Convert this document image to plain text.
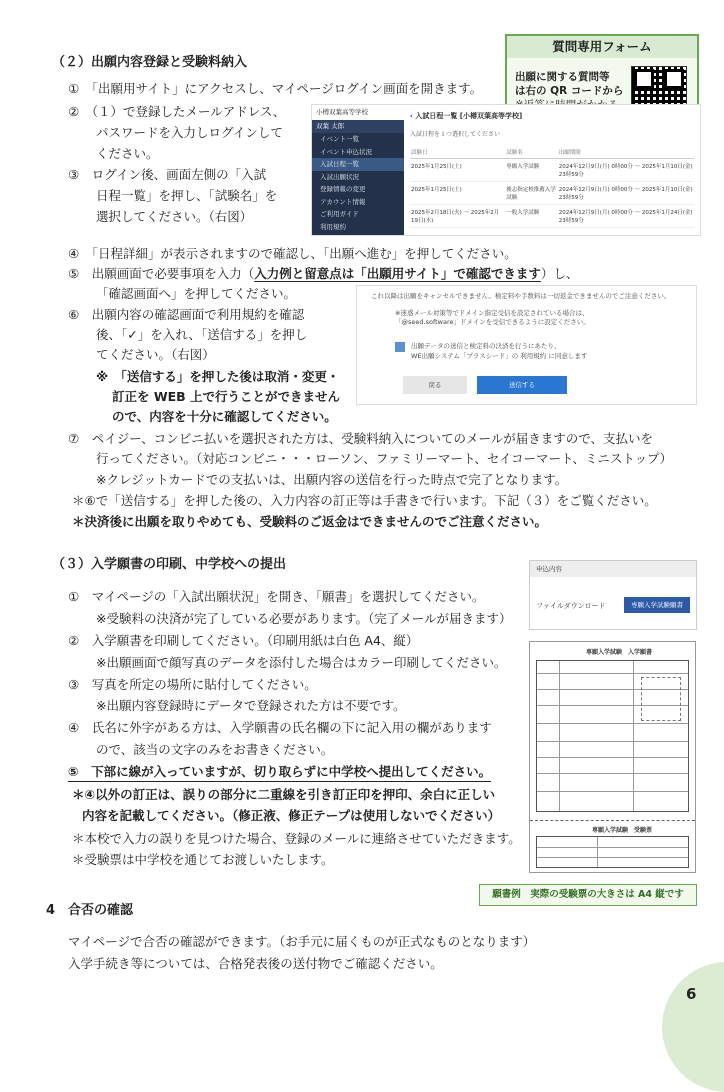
（２）出願内容登録と受験料納入
①　「出願用サイト」にアクセスし、マイページログイン画面を開きます。
②　（１）で登録したメールアドレス、
パスワードを入力しログインして
ください。
③　ログイン後、画面左側の「入試
日程一覧」を押し、「試験名」を
選択してください。（右図）
④　「日程詳細」が表示されますので確認し、「出願へ進む」を押してください。
⑤　出願画面で必要事項を入力（入力例と留意点は「出願用サイト」で確認できます）し、
「確認画面へ」を押してください。
⑥　出願内容の確認画面で利用規約を確認
後、「✓」を入れ、「送信する」を押し
てください。（右図）
※　「送信する」を押した後は取消・変更・
訂正を WEB 上で行うことができません
ので、内容を十分に確認してください。
⑦　ペイジー、コンビニ払いを選択された方は、受験料納入についてのメールが届きますので、支払いを
行ってください。（対応コンビニ・・・ローソン、ファミリーマート、セイコーマート、ミニストップ）
※クレジットカードでの支払いは、出願内容の送信を行った時点で完了となります。
＊⑥で「送信する」を押した後の、入力内容の訂正等は手書きで行います。下記（３）をご覧ください。
＊決済後に出願を取りやめても、受験料のご返金はできませんのでご注意ください。
質問専用フォーム
出願に関する質問等
は右の QR コードから
小樽双葉高等学校
双葉 太郎
イベント一覧
イベント申込状況
入試日程一覧
入試出願状況
登録情報の変更
アカウント情報
ご利用ガイド
利用規約
‹ 入試日程一覧 [小樽双葉高等学校]
入試日程を１つ選択してください
試験日	試験名	出願期間
2025年1月25日(土)	専願入学試験	2024年12月9日(月) 0時00分 ～ 2025年1月10日(金) 23時59分
2025年1月25日(土)	後志指定校推薦入学試験	2024年12月9日(月) 0時00分 ～ 2025年1月10日(金) 23時59分
2025年2月18日(火) ～ 2025年2月19日(水)	一般入学試験	2024年12月9日(月) 0時00分 ～ 2025年1月24日(金) 23時59分
これ以降は出願をキャンセルできません。検定料や手数料は一切返金できませんのでご注意ください。
※迷惑メール対策等でドメイン指定受信を設定されている場合は、
「@seed.software」ドメインを受信できるように設定ください。
出願データの送信と検定料の決済を行うにあたり、
WE出願システム「プラスシード」の 利用規約 に同意します
戻る	送信する
（３）入学願書の印刷、中学校への提出
①　マイページの「入試出願状況」を開き、「願書」を選択してください。
※受験料の決済が完了している必要があります。（完了メールが届きます）
②　入学願書を印刷してください。（印刷用紙は白色 A4、縦）
※出願画面で顔写真のデータを添付した場合はカラー印刷してください。
③　写真を所定の場所に貼付してください。
※出願内容登録時にデータで登録された方は不要です。
④　氏名に外字がある方は、入学願書の氏名欄の下に記入用の欄があります
ので、該当の文字のみをお書きください。
⑤　下部に線が入っていますが、切り取らずに中学校へ提出してください。
＊④以外の訂正は、誤りの部分に二重線を引き訂正印を押印、余白に正しい
内容を記載してください。（修正液、修正テープは使用しないでください）
＊本校で入力の誤りを見つけた場合、登録のメールに連絡させていただきます。
＊受験票は中学校を通じてお渡しいたします。
申込内容
ファイルダウンロード	専願入学試験願書
専願入学試験　入学願書
専願入学試験　受験票
願書例　実際の受験票の大きさは A4 縦です
4　合否の確認
マイページで合否の確認ができます。（お手元に届くものが正式なものとなります）
入学手続き等については、合格発表後の送付物でご確認ください。
6
